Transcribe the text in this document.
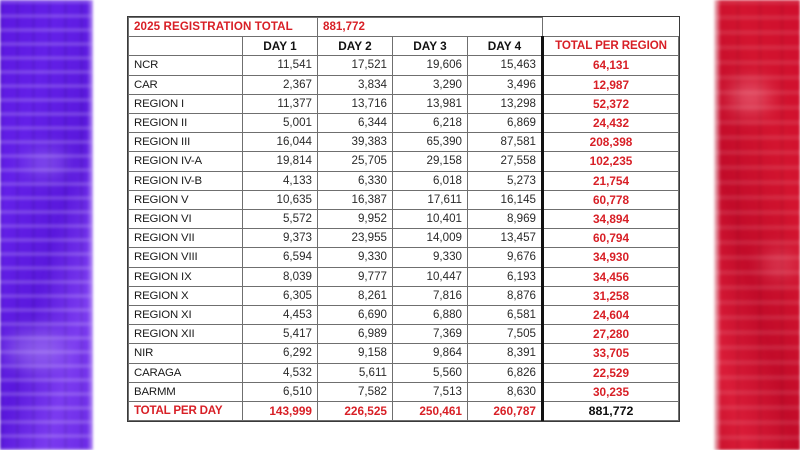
2025 REGISTRATION TOTAL		881,772			
	DAY 1	DAY 2	DAY 3	DAY 4	TOTAL PER REGION
NCR	11,541	17,521	19,606	15,463	64,131
CAR	2,367	3,834	3,290	3,496	12,987
REGION I	11,377	13,716	13,981	13,298	52,372
REGION II	5,001	6,344	6,218	6,869	24,432
REGION III	16,044	39,383	65,390	87,581	208,398
REGION IV-A	19,814	25,705	29,158	27,558	102,235
REGION IV-B	4,133	6,330	6,018	5,273	21,754
REGION V	10,635	16,387	17,611	16,145	60,778
REGION VI	5,572	9,952	10,401	8,969	34,894
REGION VII	9,373	23,955	14,009	13,457	60,794
REGION VIII	6,594	9,330	9,330	9,676	34,930
REGION IX	8,039	9,777	10,447	6,193	34,456
REGION X	6,305	8,261	7,816	8,876	31,258
REGION XI	4,453	6,690	6,880	6,581	24,604
REGION XII	5,417	6,989	7,369	7,505	27,280
NIR	6,292	9,158	9,864	8,391	33,705
CARAGA	4,532	5,611	5,560	6,826	22,529
BARMM	6,510	7,582	7,513	8,630	30,235
TOTAL PER DAY	143,999	226,525	250,461	260,787	881,772
